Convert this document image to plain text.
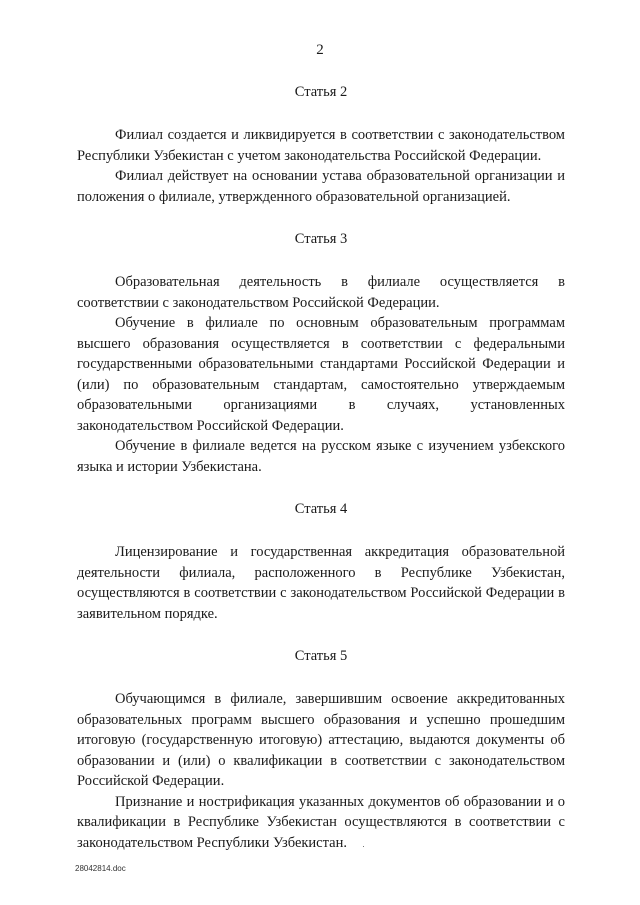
2

Статья 2

Филиал создается и ликвидируется в соответствии с законодательством Республики Узбекистан с учетом законодательства Российской Федерации.

Филиал действует на основании устава образовательной организации и положения о филиале, утвержденного образовательной организацией.

Статья 3

Образовательная деятельность в филиале осуществляется в соответствии с законодательством Российской Федерации.

Обучение в филиале по основным образовательным программам высшего образования осуществляется в соответствии с федеральными государственными образовательными стандартами Российской Федерации и (или) по образовательным стандартам, самостоятельно утверждаемым образовательными организациями в случаях, установленных законодательством Российской Федерации.

Обучение в филиале ведется на русском языке с изучением узбекского языка и истории Узбекистана.

Статья 4

Лицензирование и государственная аккредитация образовательной деятельности филиала, расположенного в Республике Узбекистан, осуществляются в соответствии с законодательством Российской Федерации в заявительном порядке.

Статья 5

Обучающимся в филиале, завершившим освоение аккредитованных образовательных программ высшего образования и успешно прошедшим итоговую (государственную итоговую) аттестацию, выдаются документы об образовании и (или) о квалификации в соответствии с законодательством Российской Федерации.

Признание и нострификация указанных документов об образовании и о квалификации в Республике Узбекистан осуществляются в соответствии с законодательством Республики Узбекистан.

28042814.doc
